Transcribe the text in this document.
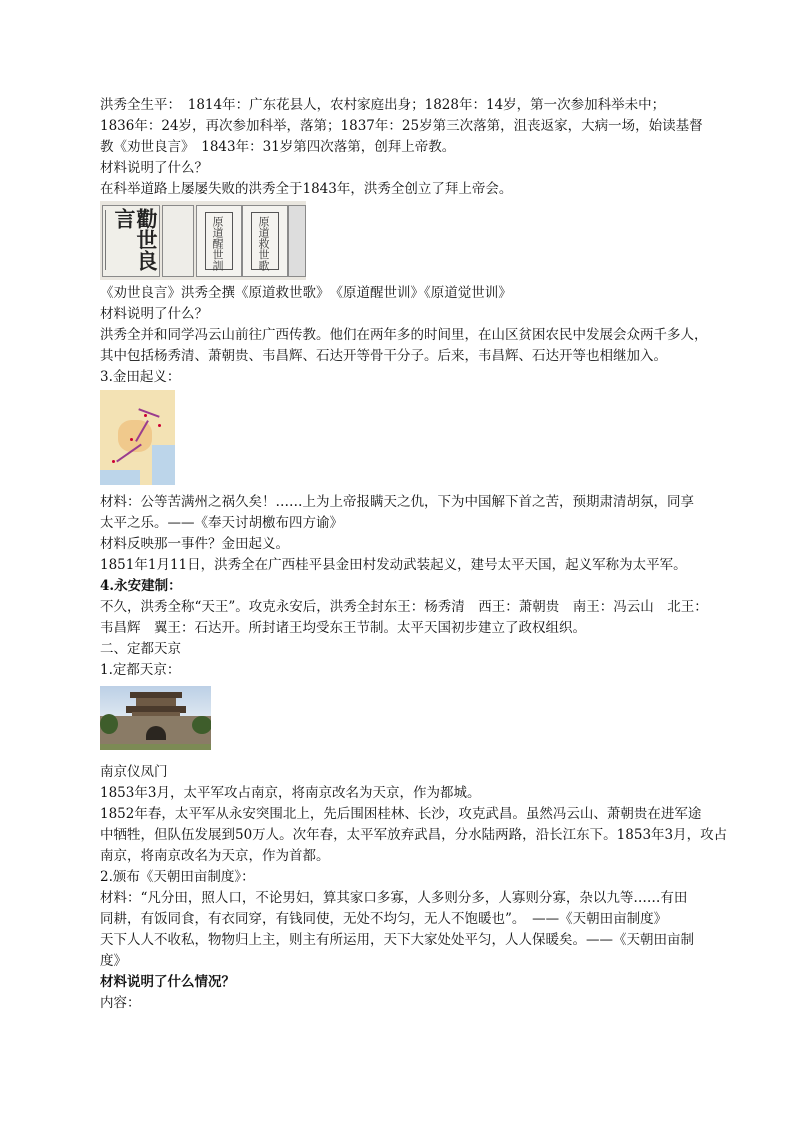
洪秀全生平：　1814年：广东花县人，农村家庭出身；1828年：14岁，第一次参加科举未中；
1836年：24岁，再次参加科举，落第；1837年：25岁第三次落第，沮丧返家，大病一场，始读基督
教《劝世良言》　1843年：31岁第四次落第，创拜上帝教。
材料说明了什么？
在科举道路上屡屡失败的洪秀全于1843年，洪秀全创立了拜上帝会。
勸世良言	原道醒世訓	原道救世歌
《劝世良言》洪秀全撰《原道救世歌》　《原道醒世训》《原道觉世训》
材料说明了什么？
洪秀全并和同学冯云山前往广西传教。他们在两年多的时间里，在山区贫困农民中发展会众两千多人，
其中包括杨秀清、萧朝贵、韦昌辉、石达开等骨干分子。后来，韦昌辉、石达开等也相继加入。
3.金田起义：
材料：公等苦满州之祸久矣！……上为上帝报瞒天之仇，下为中国解下首之苦，预期肃清胡氛，同享
太平之乐。——《奉天讨胡檄布四方谕》
材料反映那一事件？金田起义。
1851年1月11日，洪秀全在广西桂平县金田村发动武装起义，建号太平天国，起义军称为太平军。
4.永安建制：
不久，洪秀全称“天王”。攻克永安后，洪秀全封东王：杨秀清　西王：萧朝贵　南王：冯云山　北王：
韦昌辉　翼王：石达开。所封诸王均受东王节制。太平天国初步建立了政权组织。
二、定都天京
1.定都天京：
南京仪凤门
1853年3月，太平军攻占南京，将南京改名为天京，作为都城。
1852年春，太平军从永安突围北上，先后围困桂林、长沙，攻克武昌。虽然冯云山、萧朝贵在进军途
中牺牲，但队伍发展到50万人。次年春，太平军放弃武昌，分水陆两路，沿长江东下。1853年3月，攻占
南京，将南京改名为天京，作为首都。
2.颁布《天朝田亩制度》：
材料：“凡分田，照人口，不论男妇，算其家口多寡，人多则分多，人寡则分寡，杂以九等……有田
同耕，有饭同食，有衣同穿，有钱同使，无处不均匀，无人不饱暖也”。　——《天朝田亩制度》
天下人人不收私，物物归上主，则主有所运用，天下大家处处平匀，人人保暖矣。——《天朝田亩制
度》
材料说明了什么情况？
内容：
